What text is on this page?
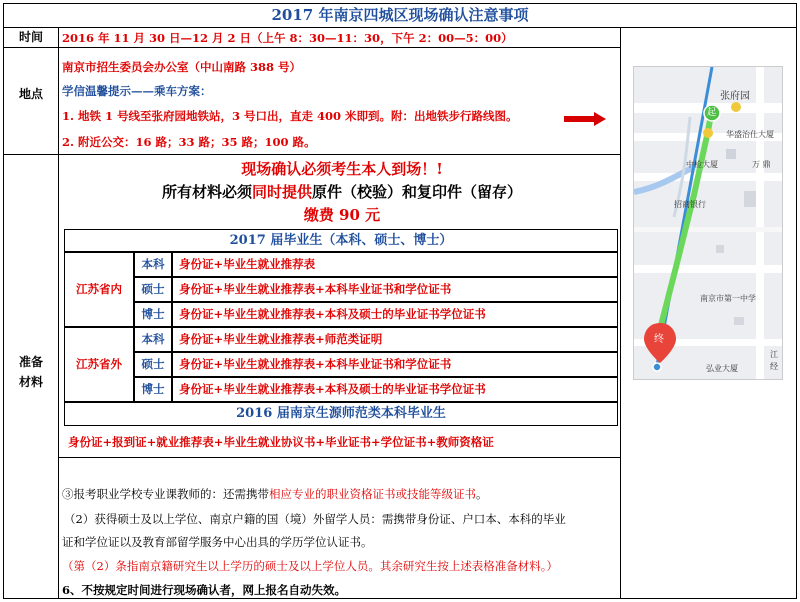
2017 年南京四城区现场确认注意事项
时间	2016 年 11 月 30 日—12 月 2 日（上午 8：30—11：30，下午 2：00—5：00）
地点
南京市招生委员会办公室（中山南路 388 号）
学信温馨提示——乘车方案：
1. 地铁 1 号线至张府园地铁站，3 号口出，直走 400 米即到。附：出地铁步行路线图。
2. 附近公交：16 路；33 路；35 路；100 路。
准备
材料
现场确认必须考生本人到场！!
所有材料必须同时提供原件（校验）和复印件（留存）
缴费 90 元
2017 届毕业生（本科、硕士、博士）
江苏省内
本科	身份证+毕业生就业推荐表
硕士	身份证+毕业生就业推荐表+本科毕业证书和学位证书
博士	身份证+毕业生就业推荐表+本科及硕士的毕业证书学位证书
江苏省外
本科	身份证+毕业生就业推荐表+师范类证明
硕士	身份证+毕业生就业推荐表+本科毕业证书和学位证书
博士	身份证+毕业生就业推荐表+本科及硕士的毕业证书学位证书
2016 届南京生源师范类本科毕业生
身份证+报到证+就业推荐表+毕业生就业协议书+毕业证书+学位证书+教师资格证
③报考职业学校专业课教师的：还需携带相应专业的职业资格证书或技能等级证书。
（2）获得硕士及以上学位、南京户籍的国（境）外留学人员：需携带身份证、户口本、本科的毕业
证和学位证以及教育部留学服务中心出具的学历学位认证书。
（第（2）条指南京籍研究生以上学历的硕士及以上学位人员。其余研究生按上述表格准备材料。）
6、不按规定时间进行现场确认者，网上报名自动失效。
起
终
张府园
华盛治仕大厦
中检大厦	万 鼎
招商银行
南京市第一中学
弘业大厦
江
经
